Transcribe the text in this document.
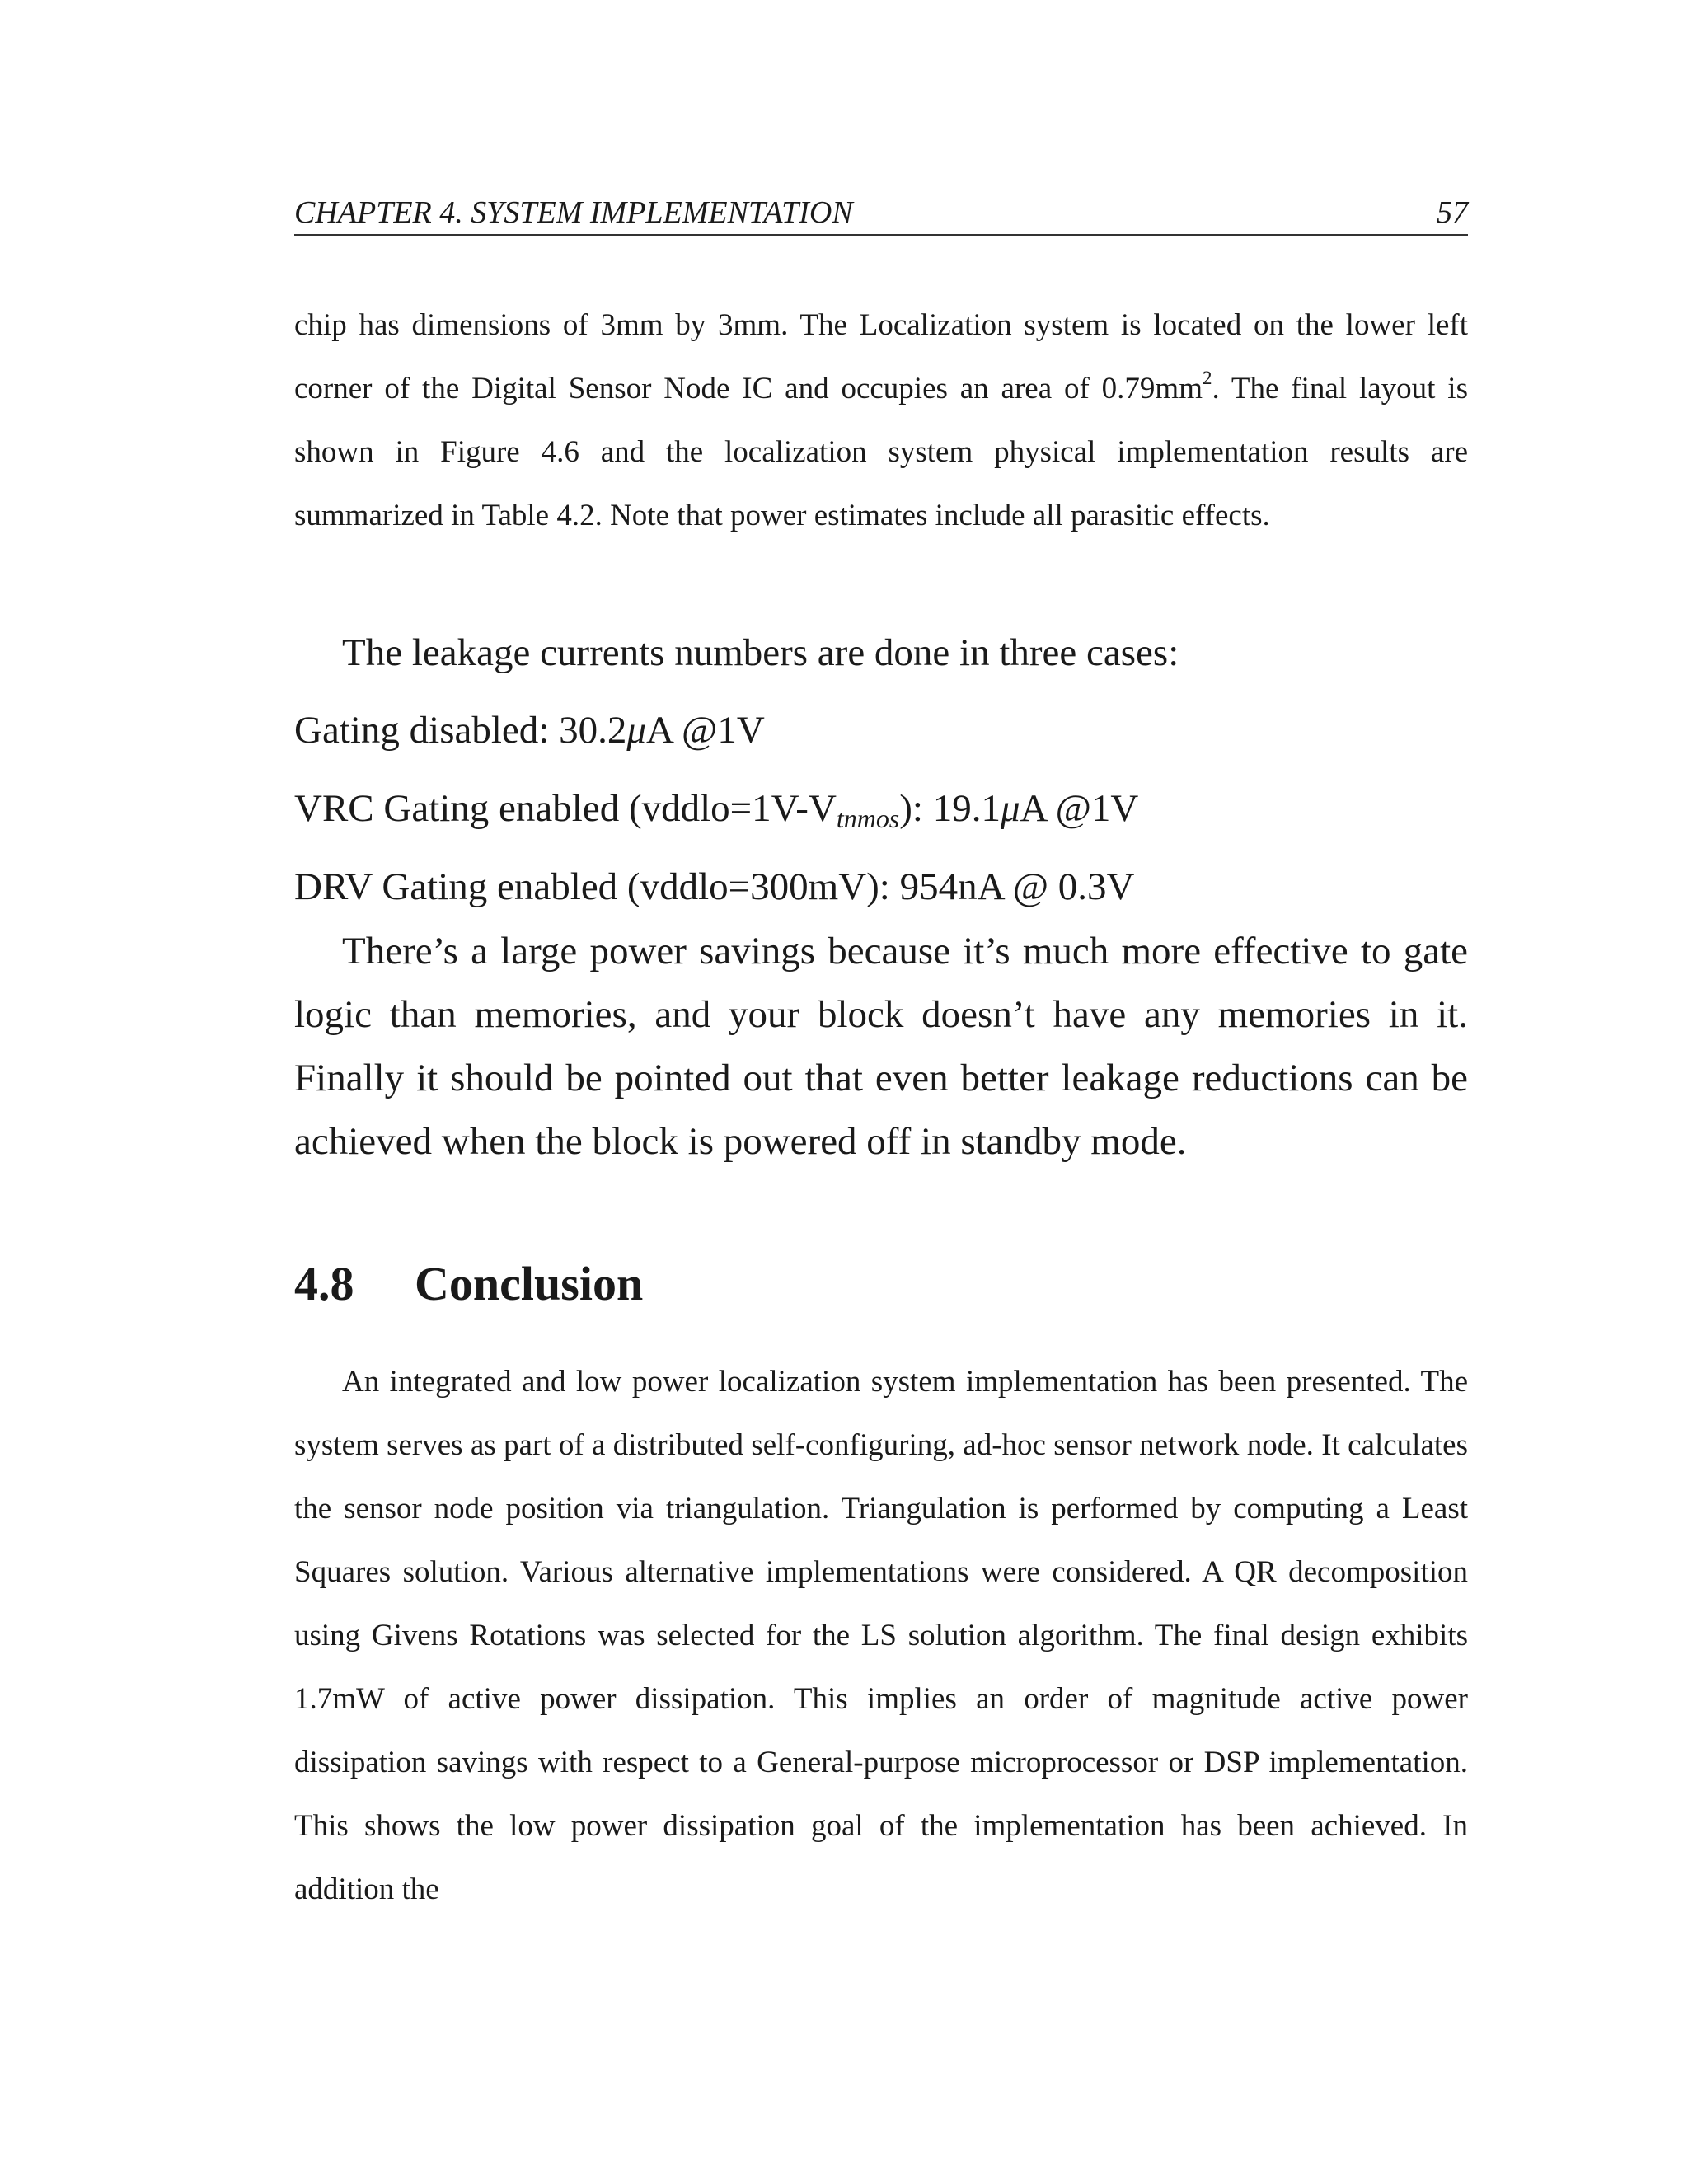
CHAPTER 4. SYSTEM IMPLEMENTATION	57

chip has dimensions of 3mm by 3mm. The Localization system is located on the lower left corner of the Digital Sensor Node IC and occupies an area of $0.79mm^2$. The final layout is shown in Figure 4.6 and the localization system physical implementation results are summarized in Table 4.2. Note that power estimates include all parasitic effects.

The leakage currents numbers are done in three cases:

Gating disabled: 30.2μA @1V

VRC Gating enabled $(vddlo=1V-V_{tnmos})$: 19.1μA @1V

DRV Gating enabled (vddlo=300mV): 954nA @ 0.3V

There’s a large power savings because it’s much more effective to gate logic than memories, and your block doesn’t have any memories in it. Finally it should be pointed out that even better leakage reductions can be achieved when the block is powered off in standby mode.

4.8 Conclusion

An integrated and low power localization system implementation has been presented. The system serves as part of a distributed self-configuring, ad-hoc sensor network node. It calculates the sensor node position via triangulation. Triangulation is performed by computing a Least Squares solution. Various alternative implementations were considered. A QR decomposition using Givens Rotations was selected for the LS solution algorithm. The final design exhibits 1.7mW of active power dissipation. This implies an order of magnitude active power dissipation savings with respect to a General-purpose microprocessor or DSP implementation. This shows the low power dissipation goal of the implementation has been achieved. In addition the
